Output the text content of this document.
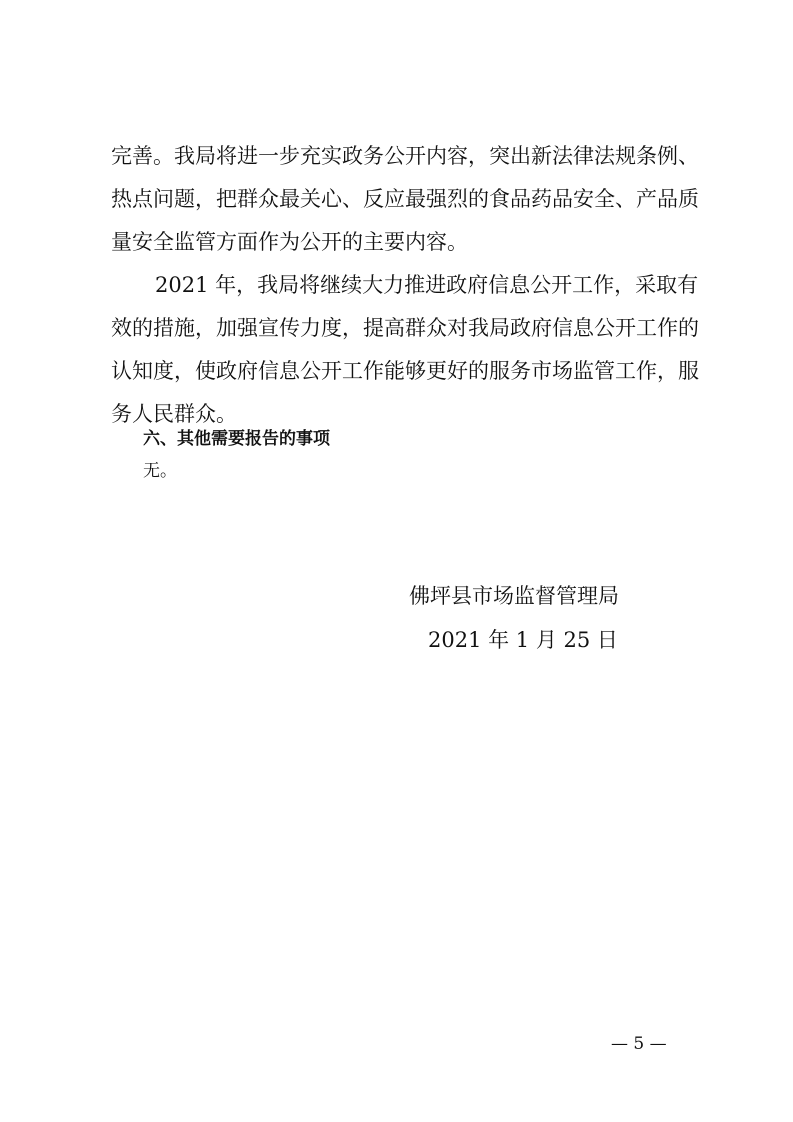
完善。我局将进一步充实政务公开内容，突出新法律法规条例、

热点问题，把群众最关心、反应最强烈的食品药品安全、产品质

量安全监管方面作为公开的主要内容。

2021 年，我局将继续大力推进政府信息公开工作，采取有

效的措施，加强宣传力度，提高群众对我局政府信息公开工作的

认知度，使政府信息公开工作能够更好的服务市场监管工作，服

务人民群众。

六、其他需要报告的事项

无。

佛坪县市场监督管理局

2021 年 1 月 25 日

— 5 —
